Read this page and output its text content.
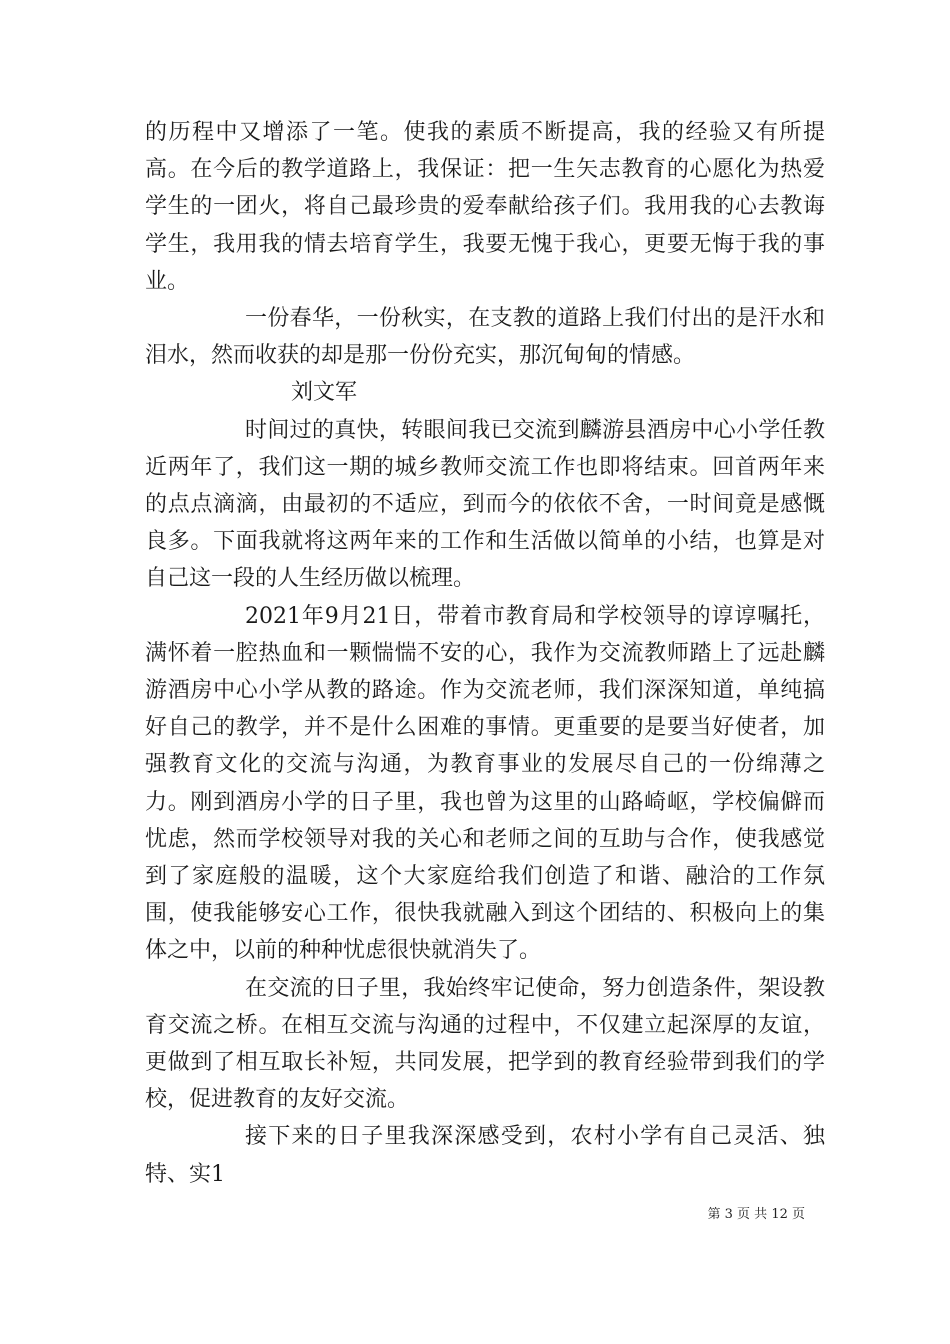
的历程中又增添了一笔。使我的素质不断提高，我的经验又有所提高。在今后的教学道路上，我保证：把一生矢志教育的心愿化为热爱学生的一团火，将自己最珍贵的爱奉献给孩子们。我用我的心去教诲学生，我用我的情去培育学生，我要无愧于我心，更要无悔于我的事业。

一份春华，一份秋实，在支教的道路上我们付出的是汗水和泪水，然而收获的却是那一份份充实，那沉甸甸的情感。

刘文军

时间过的真快，转眼间我已交流到麟游县酒房中心小学任教近两年了，我们这一期的城乡教师交流工作也即将结束。回首两年来的点点滴滴，由最初的不适应，到而今的依依不舍，一时间竟是感慨良多。下面我就将这两年来的工作和生活做以简单的小结，也算是对自己这一段的人生经历做以梳理。

2021年9月21日，带着市教育局和学校领导的谆谆嘱托，满怀着一腔热血和一颗惴惴不安的心，我作为交流教师踏上了远赴麟游酒房中心小学从教的路途。作为交流老师，我们深深知道，单纯搞好自己的教学，并不是什么困难的事情。更重要的是要当好使者，加强教育文化的交流与沟通，为教育事业的发展尽自己的一份绵薄之力。刚到酒房小学的日子里，我也曾为这里的山路崎岖，学校偏僻而忧虑，然而学校领导对我的关心和老师之间的互助与合作，使我感觉到了家庭般的温暖，这个大家庭给我们创造了和谐、融洽的工作氛围，使我能够安心工作，很快我就融入到这个团结的、积极向上的集体之中，以前的种种忧虑很快就消失了。

在交流的日子里，我始终牢记使命，努力创造条件，架设教育交流之桥。在相互交流与沟通的过程中，不仅建立起深厚的友谊，更做到了相互取长补短，共同发展，把学到的教育经验带到我们的学校，促进教育的友好交流。

接下来的日子里我深深感受到，农村小学有自己灵活、独特、实1

第 3 页 共 12 页
